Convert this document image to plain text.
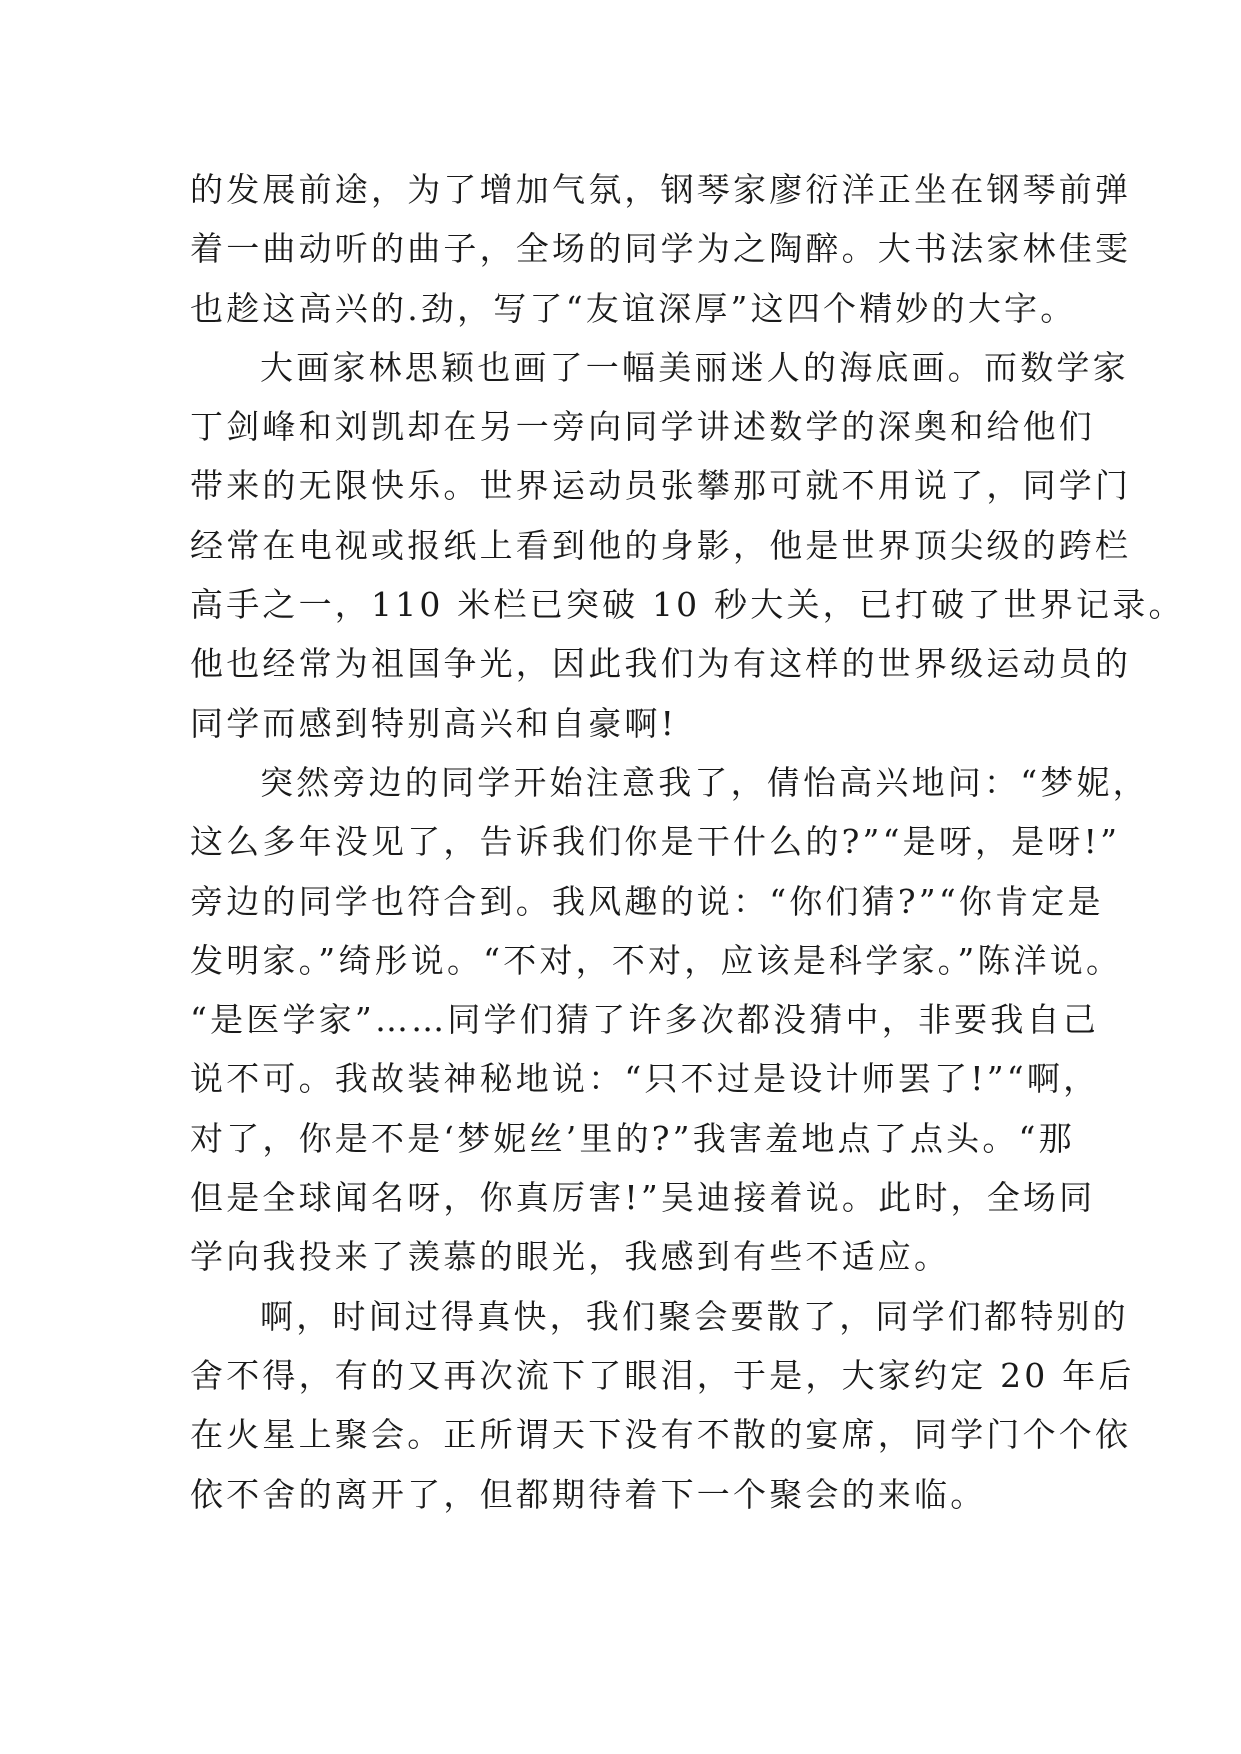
的发展前途，为了增加气氛，钢琴家廖衍洋正坐在钢琴前弹
着一曲动听的曲子，全场的同学为之陶醉。大书法家林佳雯
也趁这高兴的.劲，写了“友谊深厚”这四个精妙的大字。
大画家林思颖也画了一幅美丽迷人的海底画。而数学家
丁剑峰和刘凯却在另一旁向同学讲述数学的深奥和给他们
带来的无限快乐。世界运动员张攀那可就不用说了，同学门
经常在电视或报纸上看到他的身影，他是世界顶尖级的跨栏
高手之一，110 米栏已突破 10 秒大关，已打破了世界记录。
他也经常为祖国争光，因此我们为有这样的世界级运动员的
同学而感到特别高兴和自豪啊!
突然旁边的同学开始注意我了，倩怡高兴地问：“梦妮，
这么多年没见了，告诉我们你是干什么的?”“是呀，是呀!”
旁边的同学也符合到。我风趣的说：“你们猜?”“你肯定是
发明家。”绮彤说。“不对，不对，应该是科学家。”陈洋说。
“是医学家”……同学们猜了许多次都没猜中，非要我自己
说不可。我故装神秘地说：“只不过是设计师罢了!”“啊，
对了，你是不是‘梦妮丝’里的?”我害羞地点了点头。“那
但是全球闻名呀，你真厉害!”吴迪接着说。此时，全场同
学向我投来了羡慕的眼光，我感到有些不适应。
啊，时间过得真快，我们聚会要散了，同学们都特别的
舍不得，有的又再次流下了眼泪，于是，大家约定 20 年后
在火星上聚会。正所谓天下没有不散的宴席，同学门个个依
依不舍的离开了，但都期待着下一个聚会的来临。
